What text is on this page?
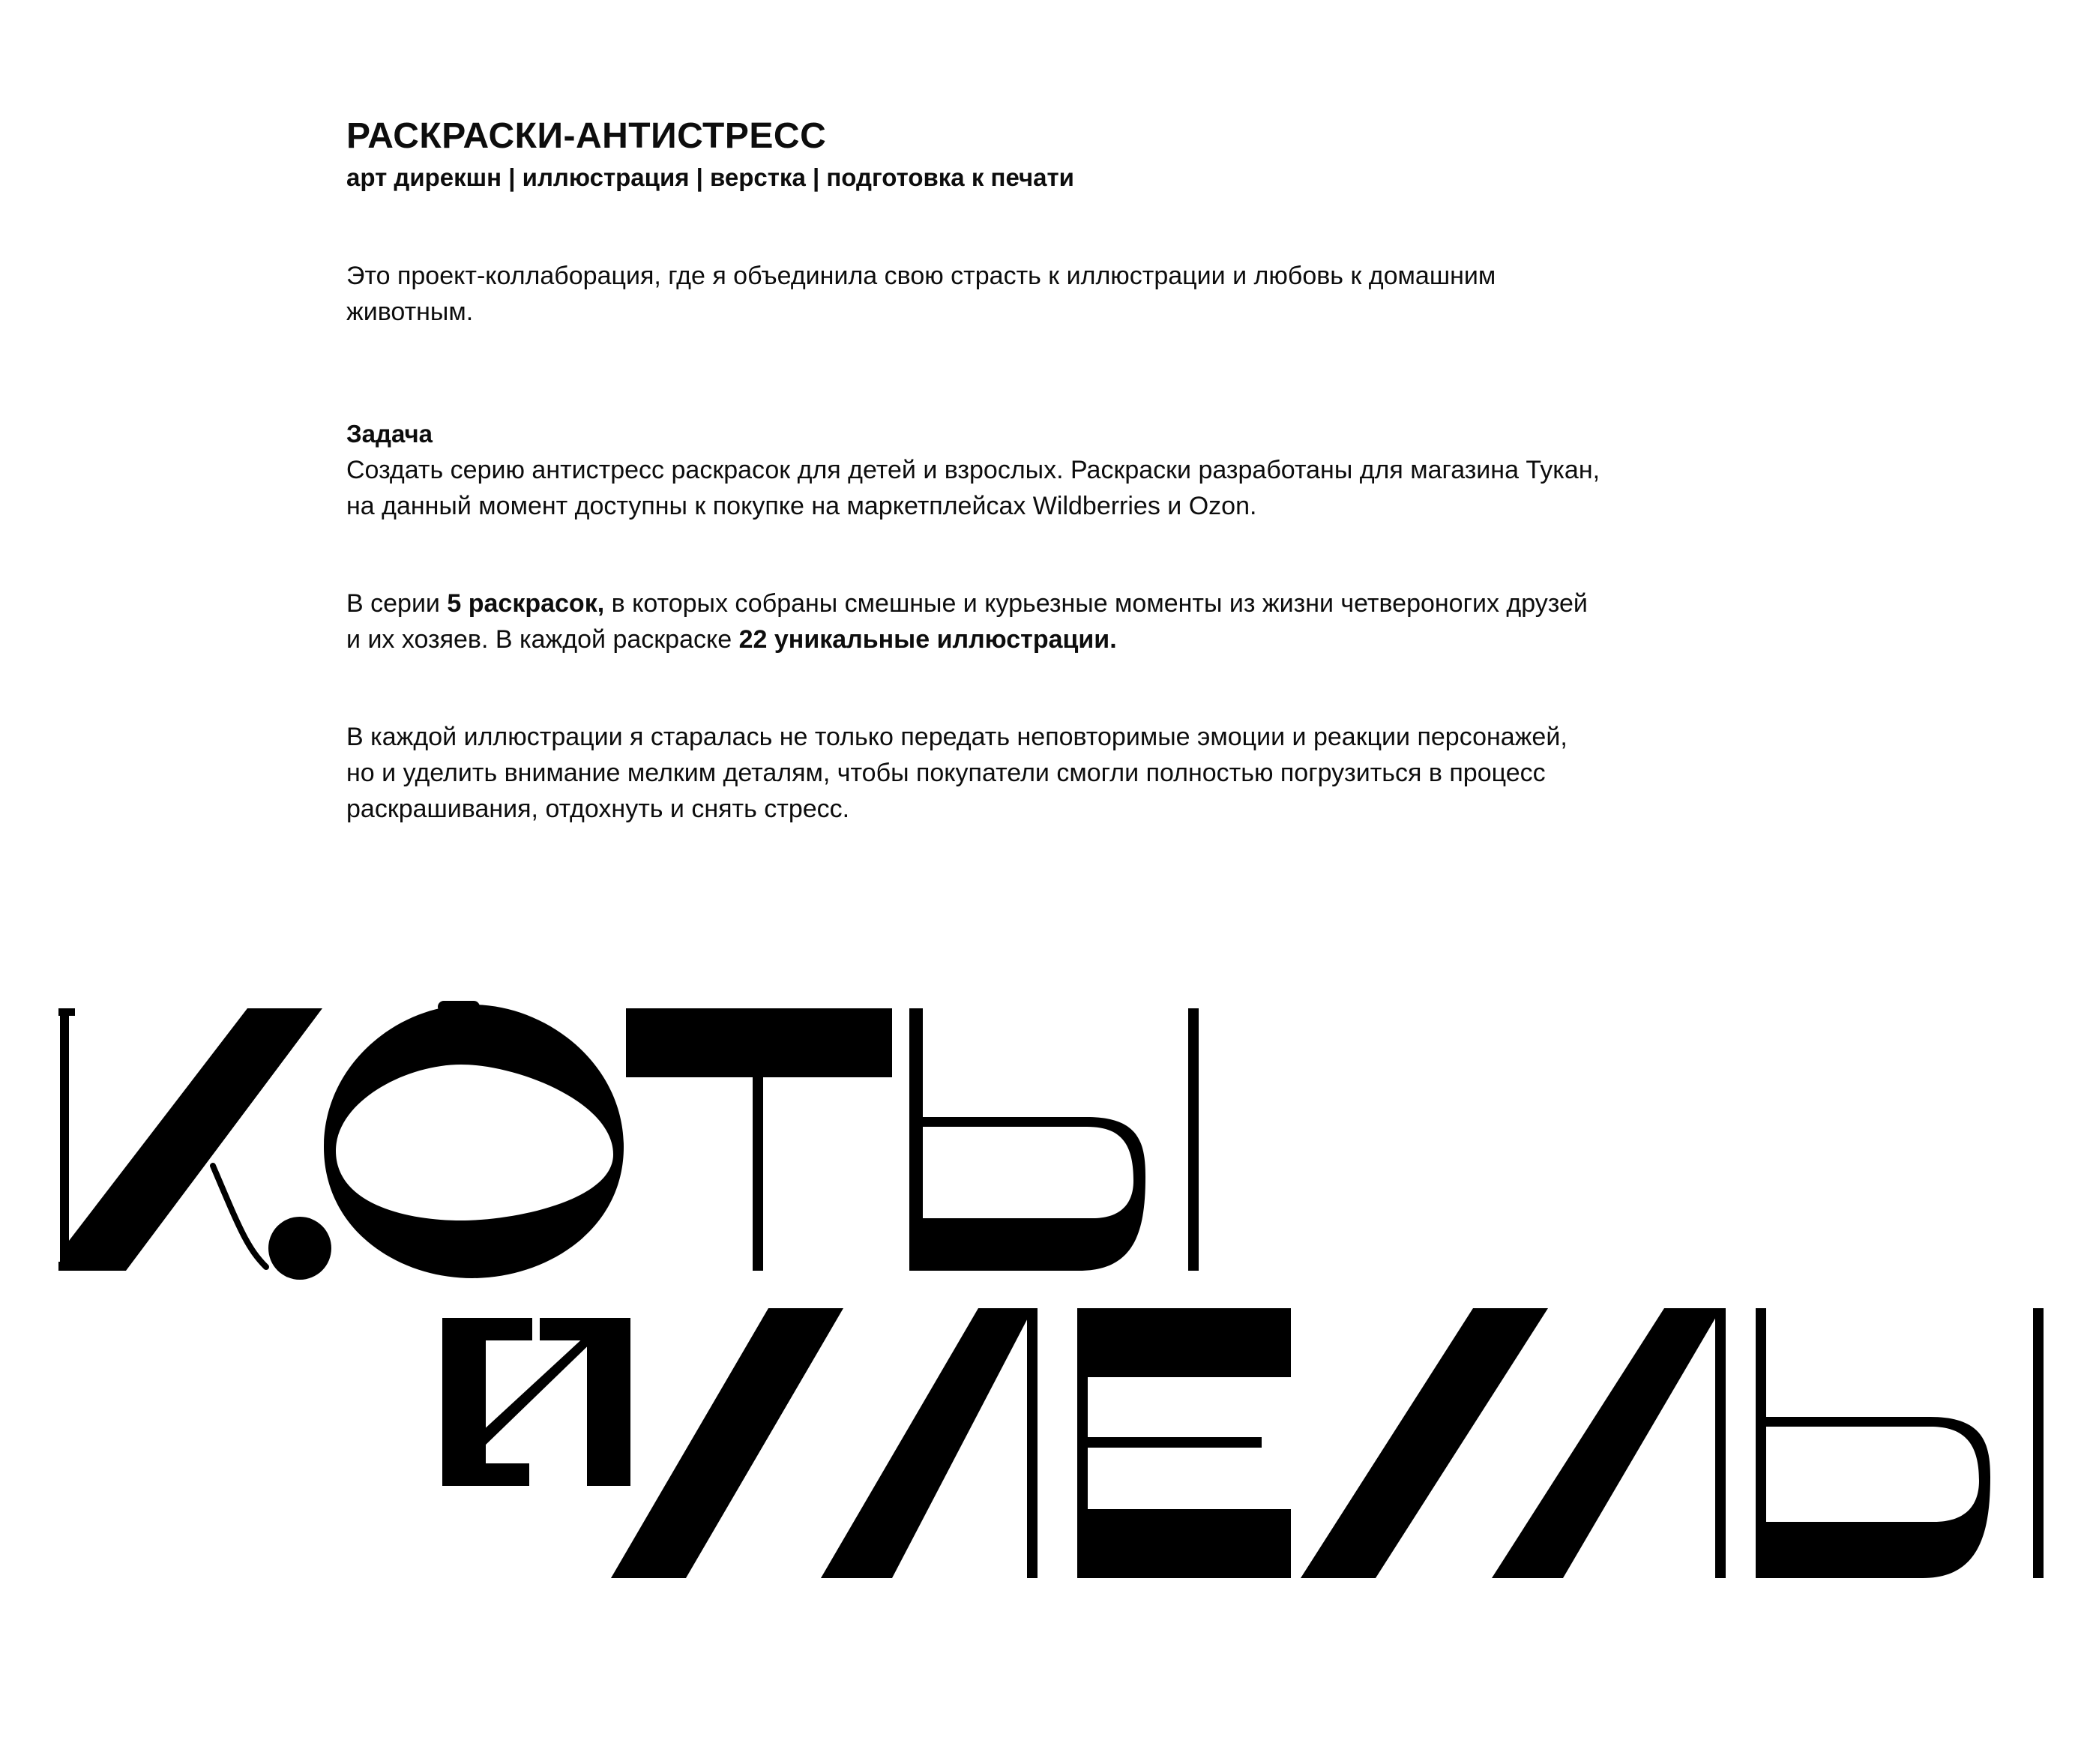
РАСКРАСКИ-АНТИСТРЕСС

арт дирекшн | иллюстрация | верстка | подготовка к печати

Это проект-коллаборация, где я объединила свою страсть к иллюстрации и любовь к домашним
животным.
Задача
Создать серию антистресс раскрасок для детей и взрослых. Раскраски разработаны для магазина Тукан,
на данный момент доступны к покупке на маркетплейсах Wildberries и Ozon.
В серии 5 раскрасок, в которых собраны смешные и курьезные моменты из жизни четвероногих друзей
и их хозяев. В каждой раскраске 22 уникальные иллюстрации.
В каждой иллюстрации я старалась не только передать неповторимые эмоции и реакции персонажей,
но и уделить внимание мелким деталям, чтобы покупатели смогли полностью погрузиться в процесс
раскрашивания, отдохнуть и снять стресс.
